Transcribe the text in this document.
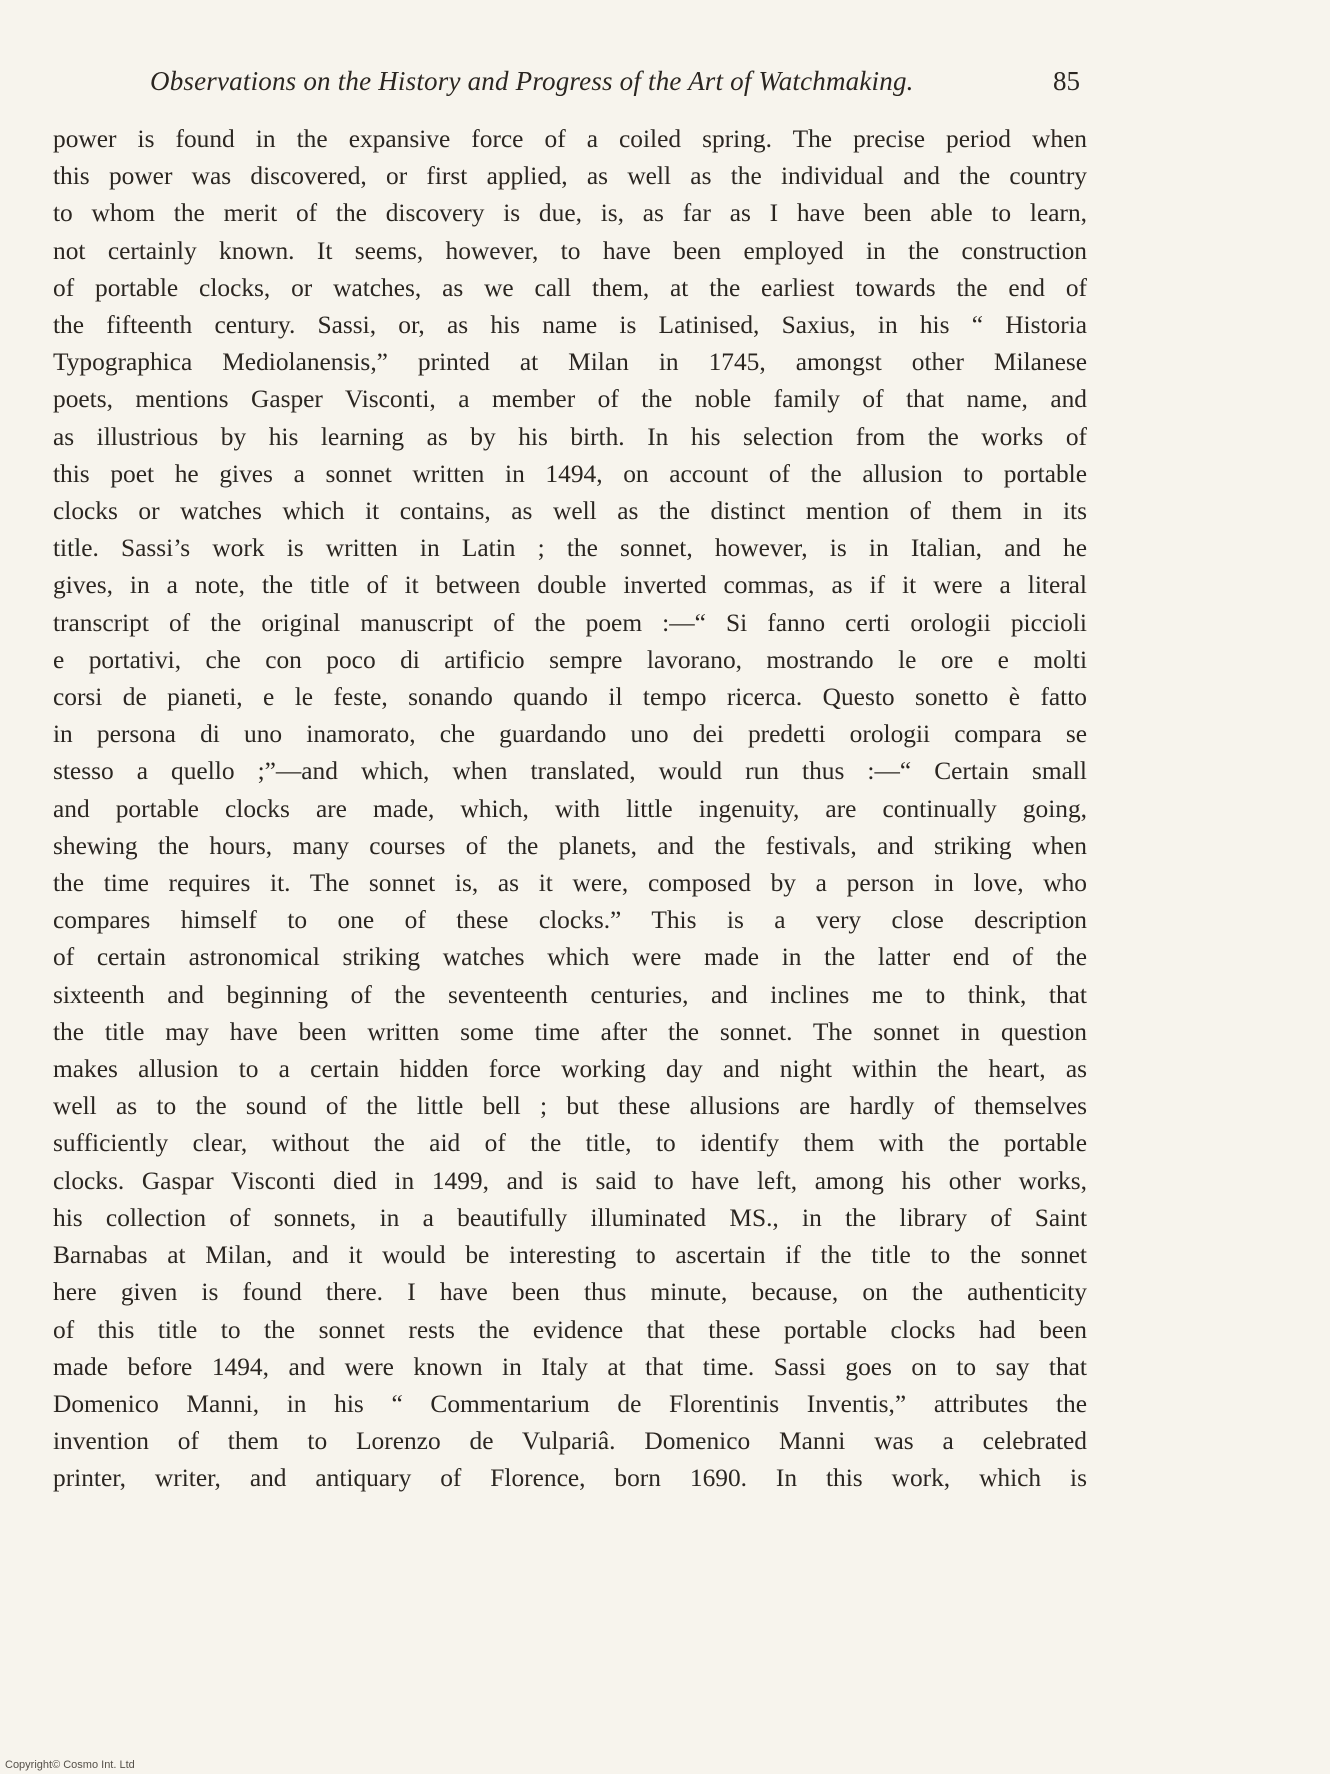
Observations on the History and Progress of the Art of Watchmaking.	85
power is found in the expansive force of a coiled spring. The precise period when
this power was discovered, or first applied, as well as the individual and the country
to whom the merit of the discovery is due, is, as far as I have been able to learn,
not certainly known. It seems, however, to have been employed in the construction
of portable clocks, or watches, as we call them, at the earliest towards the end of
the fifteenth century. Sassi, or, as his name is Latinised, Saxius, in his “ Historia
Typographica Mediolanensis,” printed at Milan in 1745, amongst other Milanese
poets, mentions Gasper Visconti, a member of the noble family of that name, and
as illustrious by his learning as by his birth. In his selection from the works of
this poet he gives a sonnet written in 1494, on account of the allusion to portable
clocks or watches which it contains, as well as the distinct mention of them in its
title. Sassi’s work is written in Latin ; the sonnet, however, is in Italian, and he
gives, in a note, the title of it between double inverted commas, as if it were a literal
transcript of the original manuscript of the poem :—“ Si fanno certi orologii piccioli
e portativi, che con poco di artificio sempre lavorano, mostrando le ore e molti
corsi de pianeti, e le feste, sonando quando il tempo ricerca. Questo sonetto è fatto
in persona di uno inamorato, che guardando uno dei predetti orologii compara se
stesso a quello ;”—and which, when translated, would run thus :—“ Certain small
and portable clocks are made, which, with little ingenuity, are continually going,
shewing the hours, many courses of the planets, and the festivals, and striking when
the time requires it. The sonnet is, as it were, composed by a person in love, who
compares himself to one of these clocks.” This is a very close description
of certain astronomical striking watches which were made in the latter end of the
sixteenth and beginning of the seventeenth centuries, and inclines me to think, that
the title may have been written some time after the sonnet. The sonnet in question
makes allusion to a certain hidden force working day and night within the heart, as
well as to the sound of the little bell ; but these allusions are hardly of themselves
sufficiently clear, without the aid of the title, to identify them with the portable
clocks. Gaspar Visconti died in 1499, and is said to have left, among his other works,
his collection of sonnets, in a beautifully illuminated MS., in the library of Saint
Barnabas at Milan, and it would be interesting to ascertain if the title to the sonnet
here given is found there. I have been thus minute, because, on the authenticity
of this title to the sonnet rests the evidence that these portable clocks had been
made before 1494, and were known in Italy at that time. Sassi goes on to say that
Domenico Manni, in his “ Commentarium de Florentinis Inventis,” attributes the
invention of them to Lorenzo de Vulpariâ. Domenico Manni was a celebrated
printer, writer, and antiquary of Florence, born 1690. In this work, which is
Copyright© Cosmo Int. Ltd
